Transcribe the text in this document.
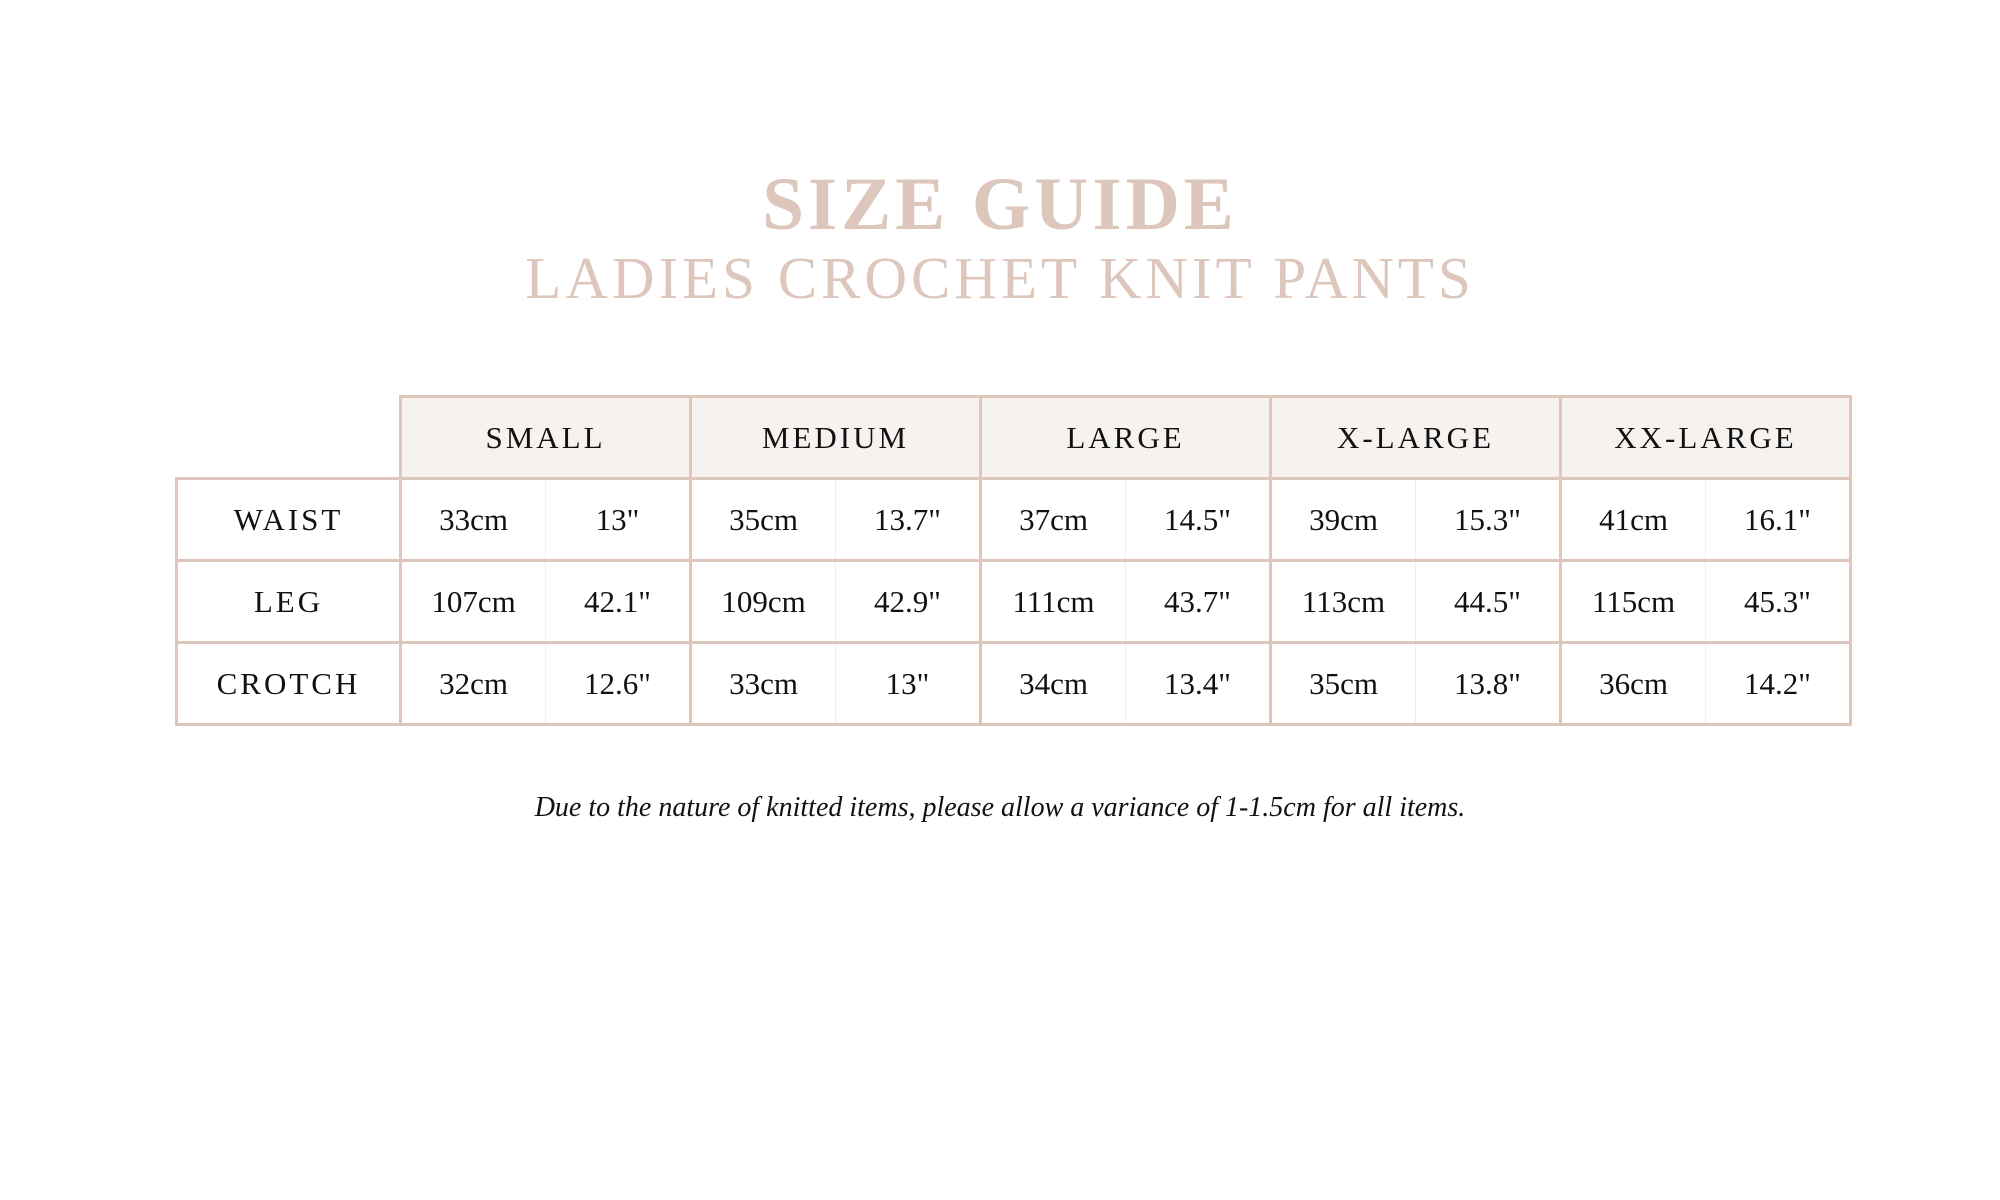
SIZE GUIDE
LADIES CROCHET KNIT PANTS
	SMALL		MEDIUM		LARGE		X-LARGE		XX-LARGE	
WAIST	33cm	13"	35cm	13.7"	37cm	14.5"	39cm	15.3"	41cm	16.1"
LEG	107cm	42.1"	109cm	42.9"	111cm	43.7"	113cm	44.5"	115cm	45.3"
CROTCH	32cm	12.6"	33cm	13"	34cm	13.4"	35cm	13.8"	36cm	14.2"

Due to the nature of knitted items, please allow a variance of 1-1.5cm for all items.
